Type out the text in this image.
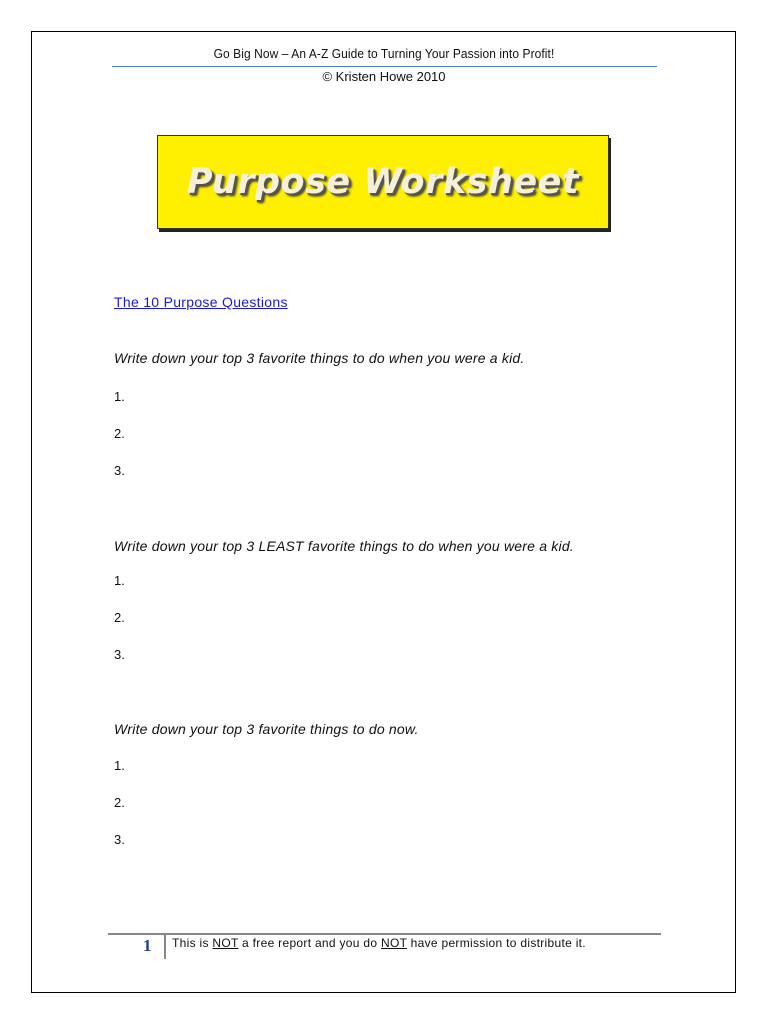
Go Big Now – An A-Z Guide to Turning Your Passion into Profit!
© Kristen Howe 2010
Purpose Worksheet
The 10 Purpose Questions
Write down your top 3 favorite things to do when you were a kid.
1.
2.
3.
Write down your top 3 LEAST favorite things to do when you were a kid.
1.
2.
3.
Write down your top 3 favorite things to do now.
1.
2.
3.
1 This is NOT a free report and you do NOT have permission to distribute it.
